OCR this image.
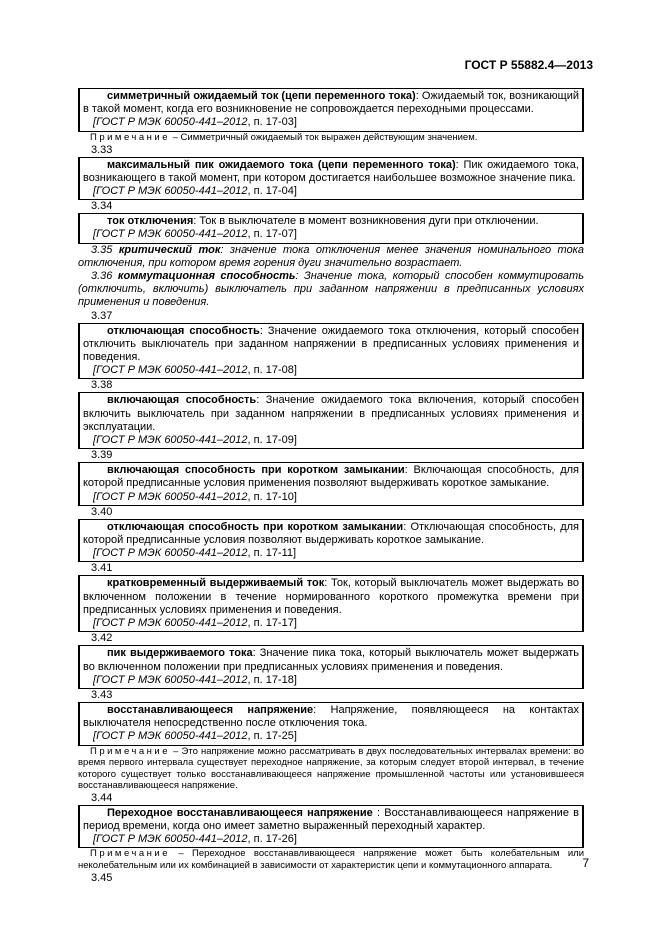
ГОСТ Р 55882.4—2013
симметричный ожидаемый ток (цепи переменного тока): Ожидаемый ток, возникающий в такой момент, когда его возникновение не сопровождается переходными процессами.
[ГОСТ Р МЭК 60050-441–2012, п. 17-03]
Примечание – Симметричный ожидаемый ток выражен действующим значением.
3.33
максимальный пик ожидаемого тока (цепи переменного тока): Пик ожидаемого тока, возникающего в такой момент, при котором достигается наибольшее возможное значение пика.
[ГОСТ Р МЭК 60050-441–2012, п. 17-04]
3.34
ток отключения: Ток в выключателе в момент возникновения дуги при отключении.
[ГОСТ Р МЭК 60050-441–2012, п. 17-07]
3.35 критический ток: значение тока отключения менее значения номинального тока отключения, при котором время горения дуги значительно возрастает.
3.36 коммутационная способность: Значение тока, который способен коммутировать (отключить, включить) выключатель при заданном напряжении в предписанных условиях применения и поведения.
3.37
отключающая способность: Значение ожидаемого тока отключения, который способен отключить выключатель при заданном напряжении в предписанных условиях применения и поведения.
[ГОСТ Р МЭК 60050-441–2012, п. 17-08]
3.38
включающая способность: Значение ожидаемого тока включения, который способен включить выключатель при заданном напряжении в предписанных условиях применения и эксплуатации.
[ГОСТ Р МЭК 60050-441–2012, п. 17-09]
3.39
включающая способность при коротком замыкании: Включающая способность, для которой предписанные условия применения позволяют выдерживать короткое замыкание.
[ГОСТ Р МЭК 60050-441–2012, п. 17-10]
3.40
отключающая способность при коротком замыкании: Отключающая способность, для которой предписанные условия позволяют выдерживать короткое замыкание.
[ГОСТ Р МЭК 60050-441–2012, п. 17-11]
3.41
кратковременный выдерживаемый ток: Ток, который выключатель может выдержать во включенном положении в течение нормированного короткого промежутка времени при предписанных условиях применения и поведения.
[ГОСТ Р МЭК 60050-441–2012, п. 17-17]
3.42
пик выдерживаемого тока: Значение пика тока, который выключатель может выдержать во включенном положении при предписанных условиях применения и поведения.
[ГОСТ Р МЭК 60050-441–2012, п. 17-18]
3.43
восстанавливающееся напряжение: Напряжение, появляющееся на контактах выключателя непосредственно после отключения тока.
[ГОСТ Р МЭК 60050-441–2012, п. 17-25]
Примечание – Это напряжение можно рассматривать в двух последовательных интервалах времени: во время первого интервала существует переходное напряжение, за которым следует второй интервал, в течение которого существует только восстанавливающееся напряжение промышленной частоты или установившееся восстанавливающееся напряжение.
3.44
Переходное восстанавливающееся напряжение : Восстанавливающееся напряжение в период времени, когда оно имеет заметно выраженный переходный характер.
[ГОСТ Р МЭК 60050-441–2012, п. 17-26]
Примечание – Переходное восстанавливающееся напряжение может быть колебательным или неколебательным или их комбинацией в зависимости от характеристик цепи и коммутационного аппарата.
3.45
7
